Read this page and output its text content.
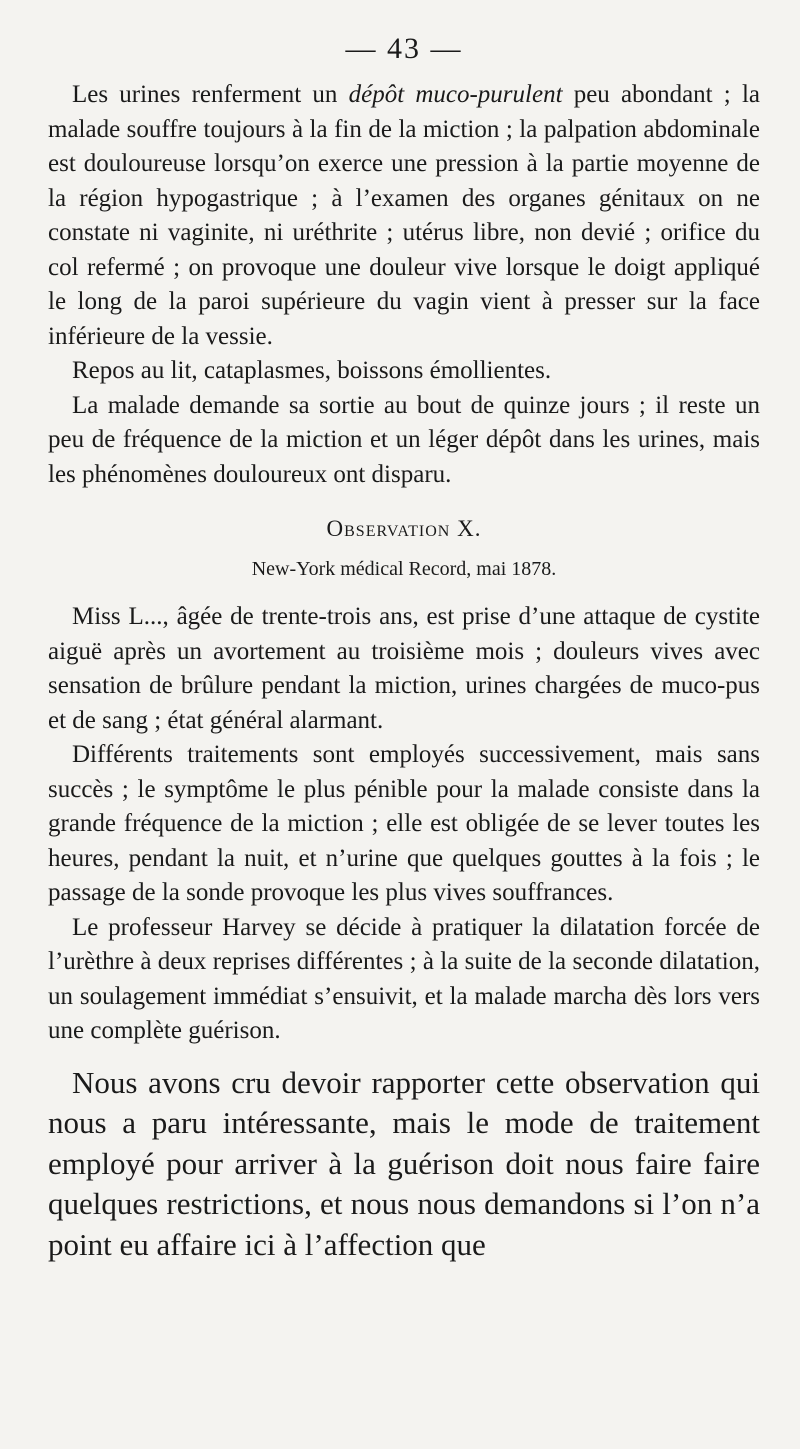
— 43 —

Les urines renferment un dépôt muco-purulent peu abondant ; la malade souffre toujours à la fin de la miction ; la palpation abdominale est douloureuse lorsqu’on exerce une pression à la partie moyenne de la région hypogastrique ; à l’examen des organes génitaux on ne constate ni vaginite, ni uréthrite ; utérus libre, non devié ; orifice du col refermé ; on provoque une douleur vive lorsque le doigt appliqué le long de la paroi supérieure du vagin vient à presser sur la face inférieure de la vessie.

Repos au lit, cataplasmes, boissons émollientes.

La malade demande sa sortie au bout de quinze jours ; il reste un peu de fréquence de la miction et un léger dépôt dans les urines, mais les phénomènes douloureux ont disparu.

Observation X.
New-York médical Record, mai 1878.

Miss L..., âgée de trente-trois ans, est prise d’une attaque de cystite aiguë après un avortement au troisième mois ; douleurs vives avec sensation de brûlure pendant la miction, urines chargées de muco-pus et de sang ; état général alarmant.

Différents traitements sont employés successivement, mais sans succès ; le symptôme le plus pénible pour la malade consiste dans la grande fréquence de la miction ; elle est obligée de se lever toutes les heures, pendant la nuit, et n’urine que quelques gouttes à la fois ; le passage de la sonde provoque les plus vives souffrances.

Le professeur Harvey se décide à pratiquer la dilatation forcée de l’urèthre à deux reprises différentes ; à la suite de la seconde dilatation, un soulagement immédiat s’ensuivit, et la malade marcha dès lors vers une complète guérison.

Nous avons cru devoir rapporter cette observation qui nous a paru intéressante, mais le mode de traitement employé pour arriver à la guérison doit nous faire faire quelques restrictions, et nous nous demandons si l’on n’a point eu affaire ici à l’affection que
